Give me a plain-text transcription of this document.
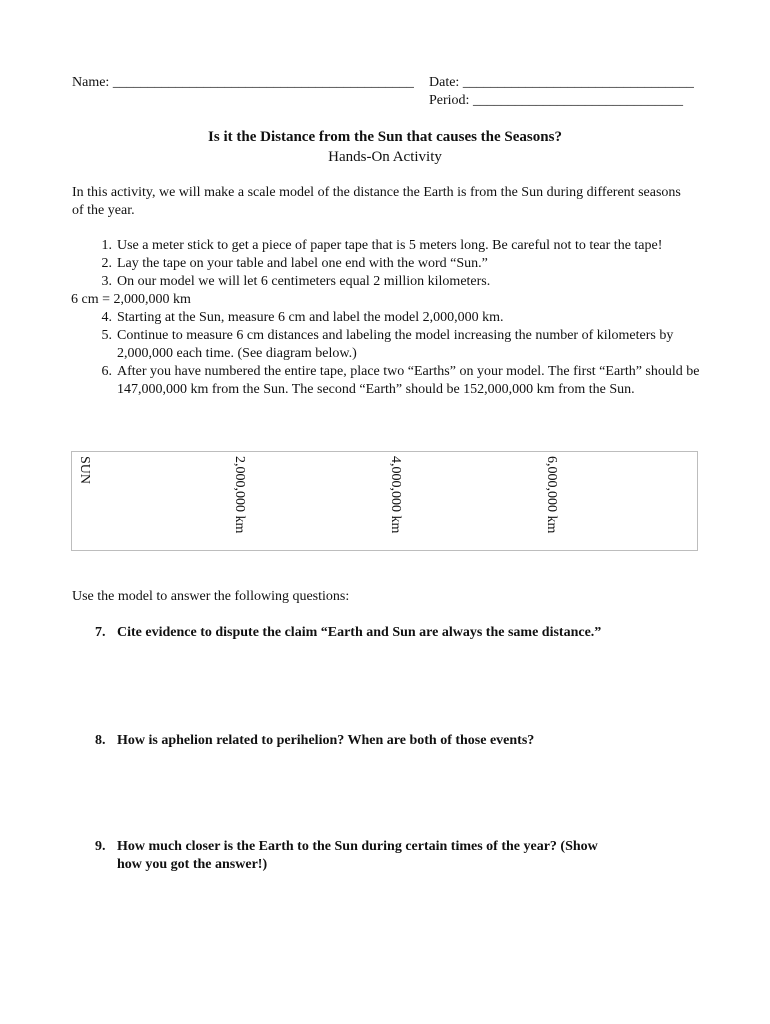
Name: ___________________________________________ Date: _________________________________
Period: ______________________________
Is it the Distance from the Sun that causes the Seasons?
Hands-On Activity
In this activity, we will make a scale model of the distance the Earth is from the Sun during different seasons of the year.
1. Use a meter stick to get a piece of paper tape that is 5 meters long. Be careful not to tear the tape!
2. Lay the tape on your table and label one end with the word “Sun.”
3. On our model we will let 6 centimeters equal 2 million kilometers.
6 cm = 2,000,000 km
4. Starting at the Sun, measure 6 cm and label the model 2,000,000 km.
5. Continue to measure 6 cm distances and labeling the model increasing the number of kilometers by 2,000,000 each time. (See diagram below.)
6. After you have numbered the entire tape, place two “Earths” on your model. The first “Earth” should be 147,000,000 km from the Sun. The second “Earth” should be 152,000,000 km from the Sun.
SUN	2,000,000 km	4,000,000 km	6,000,000 km
Use the model to answer the following questions:
7. Cite evidence to dispute the claim “Earth and Sun are always the same distance.”
8. How is aphelion related to perihelion? When are both of those events?
9. How much closer is the Earth to the Sun during certain times of the year? (Show how you got the answer!)
